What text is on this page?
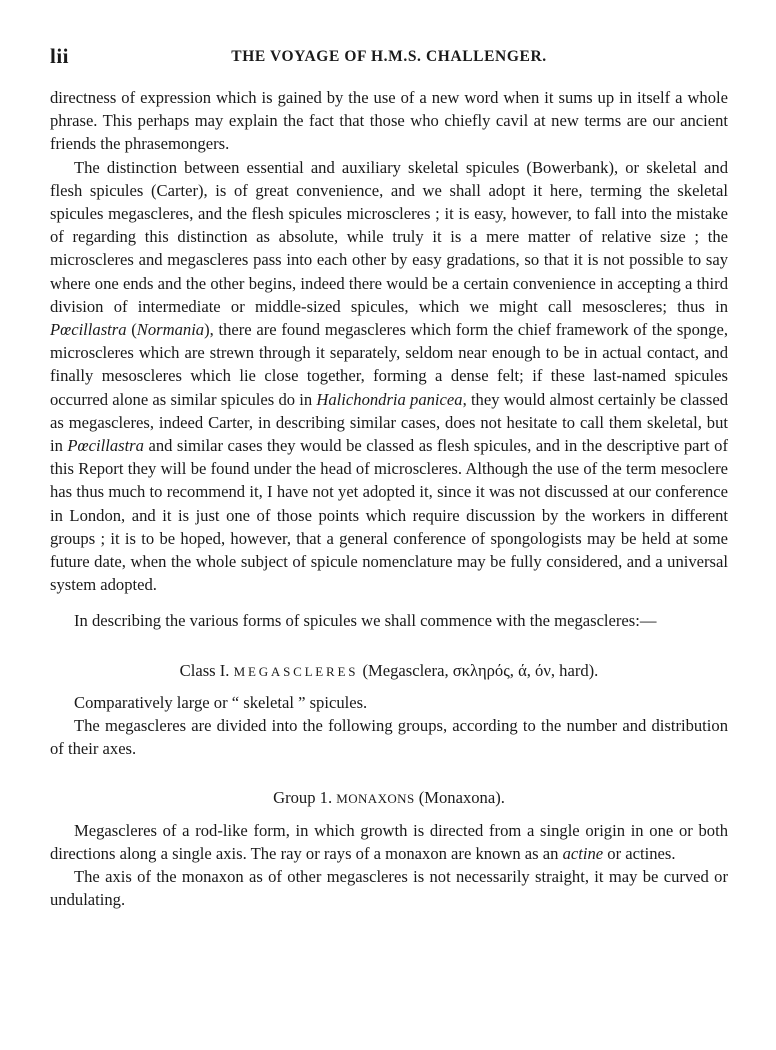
lii	THE VOYAGE OF H.M.S. CHALLENGER.

directness of expression which is gained by the use of a new word when it sums up in itself a whole phrase. This perhaps may explain the fact that those who chiefly cavil at new terms are our ancient friends the phrasemongers.

The distinction between essential and auxiliary skeletal spicules (Bowerbank), or skeletal and flesh spicules (Carter), is of great convenience, and we shall adopt it here, terming the skeletal spicules megascleres, and the flesh spicules microscleres ; it is easy, however, to fall into the mistake of regarding this distinction as absolute, while truly it is a mere matter of relative size ; the microscleres and megascleres pass into each other by easy gradations, so that it is not possible to say where one ends and the other begins, indeed there would be a certain convenience in accepting a third division of intermediate or middle-sized spicules, which we might call mesoscleres; thus in Pœcillastra (Normania), there are found megascleres which form the chief framework of the sponge, microscleres which are strewn through it separately, seldom near enough to be in actual contact, and finally mesoscleres which lie close together, forming a dense felt; if these last-named spicules occurred alone as similar spicules do in Halichondria panicea, they would almost certainly be classed as megascleres, indeed Carter, in describing similar cases, does not hesitate to call them skeletal, but in Pœcillastra and similar cases they would be classed as flesh spicules, and in the descriptive part of this Report they will be found under the head of microscleres. Although the use of the term mesoclere has thus much to recommend it, I have not yet adopted it, since it was not discussed at our conference in London, and it is just one of those points which require discussion by the workers in different groups ; it is to be hoped, however, that a general conference of spongologists may be held at some future date, when the whole subject of spicule nomenclature may be fully considered, and a universal system adopted.

In describing the various forms of spicules we shall commence with the megascleres:—

Class I. MEGASCLERES (Megasclera, σκληρός, ά, όν, hard).

Comparatively large or “ skeletal ” spicules.

The megascleres are divided into the following groups, according to the number and distribution of their axes.

Group 1. MONAXONS (Monaxona).

Megascleres of a rod-like form, in which growth is directed from a single origin in one or both directions along a single axis. The ray or rays of a monaxon are known as an actine or actines.

The axis of the monaxon as of other megascleres is not necessarily straight, it may be curved or undulating.
